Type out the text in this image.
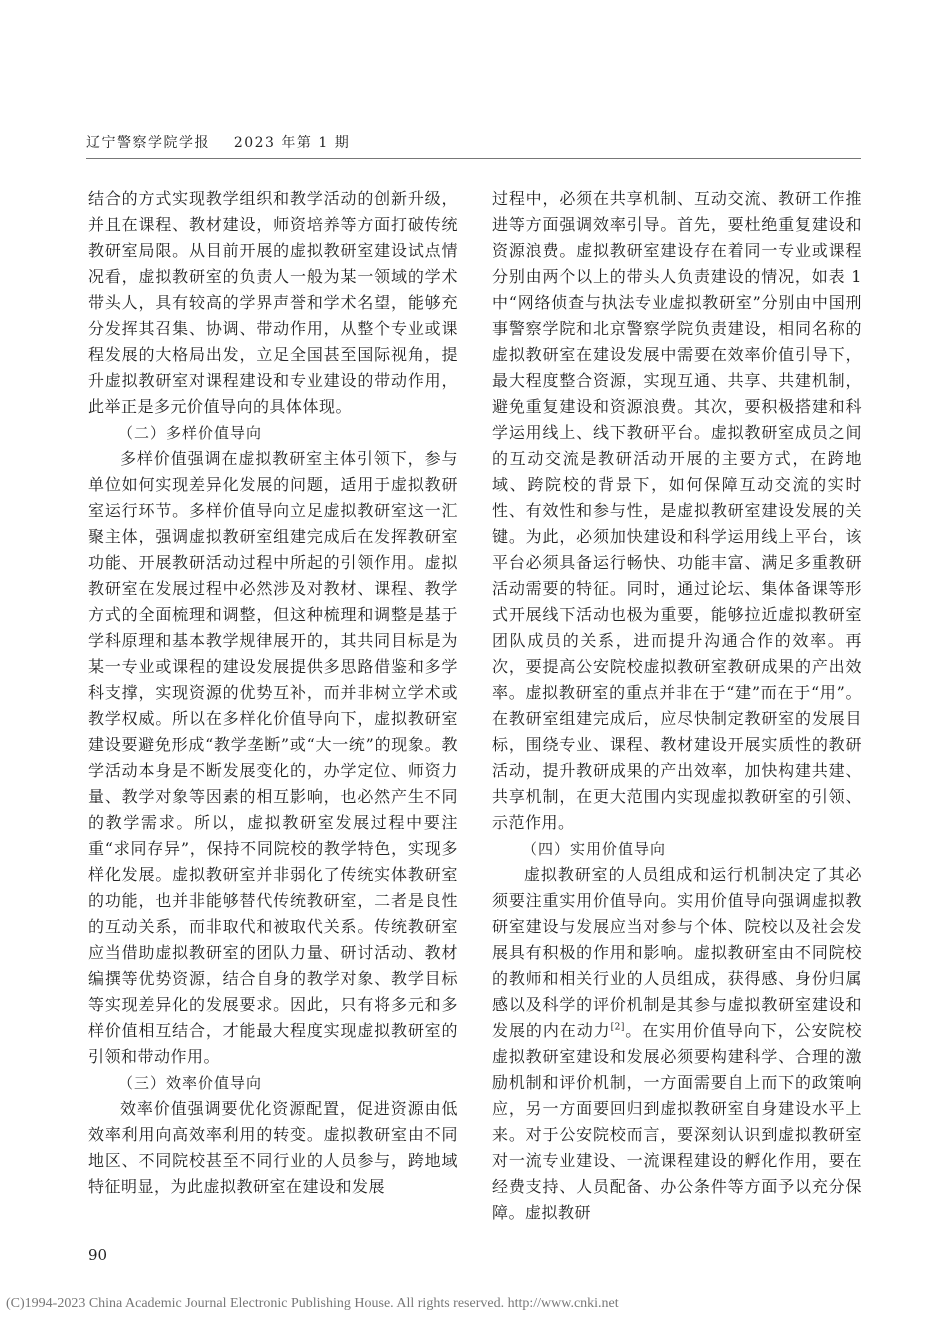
辽宁警察学院学报 2023 年第 1 期

结合的方式实现教学组织和教学活动的创新升级，并且在课程、教材建设，师资培养等方面打破传统教研室局限。从目前开展的虚拟教研室建设试点情况看，虚拟教研室的负责人一般为某一领域的学术带头人，具有较高的学界声誉和学术名望，能够充分发挥其召集、协调、带动作用，从整个专业或课程发展的大格局出发，立足全国甚至国际视角，提升虚拟教研室对课程建设和专业建设的带动作用，此举正是多元价值导向的具体体现。

（二）多样价值导向

多样价值强调在虚拟教研室主体引领下，参与单位如何实现差异化发展的问题，适用于虚拟教研室运行环节。多样价值导向立足虚拟教研室这一汇聚主体，强调虚拟教研室组建完成后在发挥教研室功能、开展教研活动过程中所起的引领作用。虚拟教研室在发展过程中必然涉及对教材、课程、教学方式的全面梳理和调整，但这种梳理和调整是基于学科原理和基本教学规律展开的，其共同目标是为某一专业或课程的建设发展提供多思路借鉴和多学科支撑，实现资源的优势互补，而并非树立学术或教学权威。所以在多样化价值导向下，虚拟教研室建设要避免形成“教学垄断”或“大一统”的现象。教学活动本身是不断发展变化的，办学定位、师资力量、教学对象等因素的相互影响，也必然产生不同的教学需求。所以，虚拟教研室发展过程中要注重“求同存异”，保持不同院校的教学特色，实现多样化发展。虚拟教研室并非弱化了传统实体教研室的功能，也并非能够替代传统教研室，二者是良性的互动关系，而非取代和被取代关系。传统教研室应当借助虚拟教研室的团队力量、研讨活动、教材编撰等优势资源，结合自身的教学对象、教学目标等实现差异化的发展要求。因此，只有将多元和多样价值相互结合，才能最大程度实现虚拟教研室的引领和带动作用。

（三）效率价值导向

效率价值强调要优化资源配置，促进资源由低效率利用向高效率利用的转变。虚拟教研室由不同地区、不同院校甚至不同行业的人员参与，跨地域特征明显，为此虚拟教研室在建设和发展

过程中，必须在共享机制、互动交流、教研工作推进等方面强调效率引导。首先，要杜绝重复建设和资源浪费。虚拟教研室建设存在着同一专业或课程分别由两个以上的带头人负责建设的情况，如表 1 中“网络侦查与执法专业虚拟教研室”分别由中国刑事警察学院和北京警察学院负责建设，相同名称的虚拟教研室在建设发展中需要在效率价值引导下，最大程度整合资源，实现互通、共享、共建机制，避免重复建设和资源浪费。其次，要积极搭建和科学运用线上、线下教研平台。虚拟教研室成员之间的互动交流是教研活动开展的主要方式，在跨地域、跨院校的背景下，如何保障互动交流的实时性、有效性和参与性，是虚拟教研室建设发展的关键。为此，必须加快建设和科学运用线上平台，该平台必须具备运行畅快、功能丰富、满足多重教研活动需要的特征。同时，通过论坛、集体备课等形式开展线下活动也极为重要，能够拉近虚拟教研室团队成员的关系，进而提升沟通合作的效率。再次，要提高公安院校虚拟教研室教研成果的产出效率。虚拟教研室的重点并非在于“建”而在于“用”。在教研室组建完成后，应尽快制定教研室的发展目标，围绕专业、课程、教材建设开展实质性的教研活动，提升教研成果的产出效率，加快构建共建、共享机制，在更大范围内实现虚拟教研室的引领、示范作用。

（四）实用价值导向

虚拟教研室的人员组成和运行机制决定了其必须要注重实用价值导向。实用价值导向强调虚拟教研室建设与发展应当对参与个体、院校以及社会发展具有积极的作用和影响。虚拟教研室由不同院校的教师和相关行业的人员组成，获得感、身份归属感以及科学的评价机制是其参与虚拟教研室建设和发展的内在动力[2]。在实用价值导向下，公安院校虚拟教研室建设和发展必须要构建科学、合理的激励机制和评价机制，一方面需要自上而下的政策响应，另一方面要回归到虚拟教研室自身建设水平上来。对于公安院校而言，要深刻认识到虚拟教研室对一流专业建设、一流课程建设的孵化作用，要在经费支持、人员配备、办公条件等方面予以充分保障。虚拟教研

90
(C)1994-2023 China Academic Journal Electronic Publishing House. All rights reserved. http://www.cnki.net
